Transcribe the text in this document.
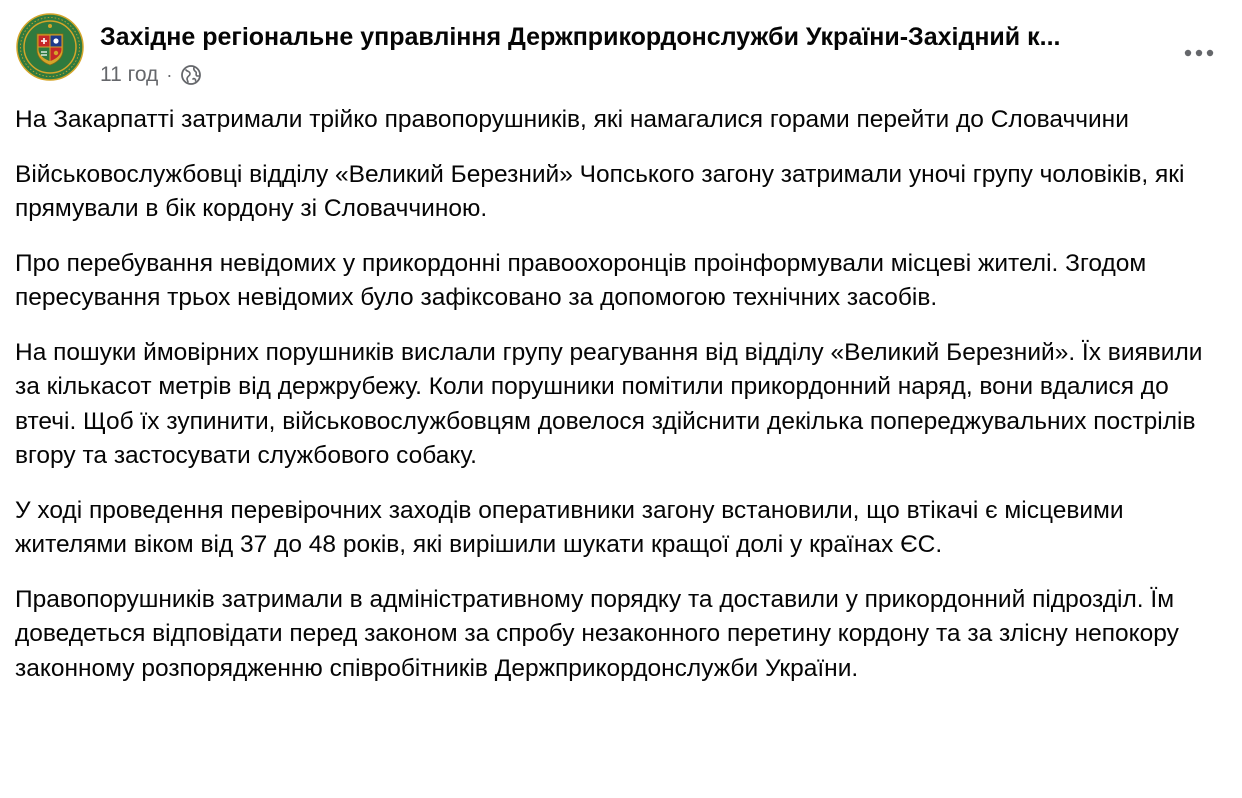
Західне регіональне управління Держприкордонслужби України-Західний к...
11 год ·

На Закарпатті затримали трійко правопорушників, які намагалися горами перейти до Словаччини

Військовослужбовці відділу «Великий Березний» Чопського загону затримали уночі групу чоловіків, які прямували в бік кордону зі Словаччиною.

Про перебування невідомих у прикордонні правоохоронців проінформували місцеві жителі. Згодом пересування трьох невідомих було зафіксовано за допомогою технічних засобів.

На пошуки ймовірних порушників вислали групу реагування від відділу «Великий Березний». Їх виявили за кількасот метрів від держрубежу. Коли порушники помітили прикордонний наряд, вони вдалися до втечі. Щоб їх зупинити, військовослужбовцям довелося здійснити декілька попереджувальних пострілів вгору та застосувати службового собаку.

У ході проведення перевірочних заходів оперативники загону встановили, що втікачі є місцевими жителями віком від 37 до 48 років, які вирішили шукати кращої долі у країнах ЄС.

Правопорушників затримали в адміністративному порядку та доставили у прикордонний підрозділ. Їм доведеться відповідати перед законом за спробу незаконного перетину кордону та за злісну непокору законному розпорядженню співробітників Держприкордонслужби України.
